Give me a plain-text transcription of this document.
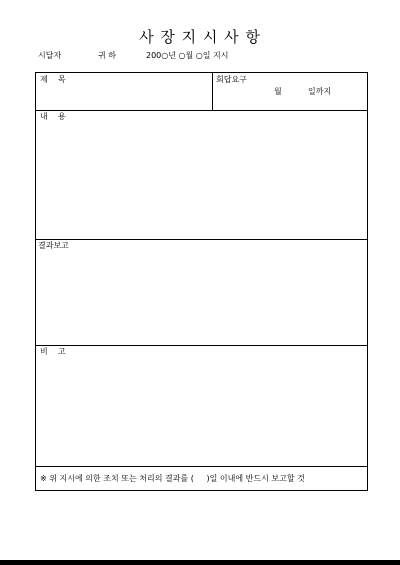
사 장 지 시 사 항
시달자	귀 하	200○년 ○월 ○일 지시
제    목	회답요구
월	일까지
내    용
결과보고
비    고
※ 위 지시에 의한 조치 또는 처리의 결과를 (     )일 이내에 반드시 보고할 것
